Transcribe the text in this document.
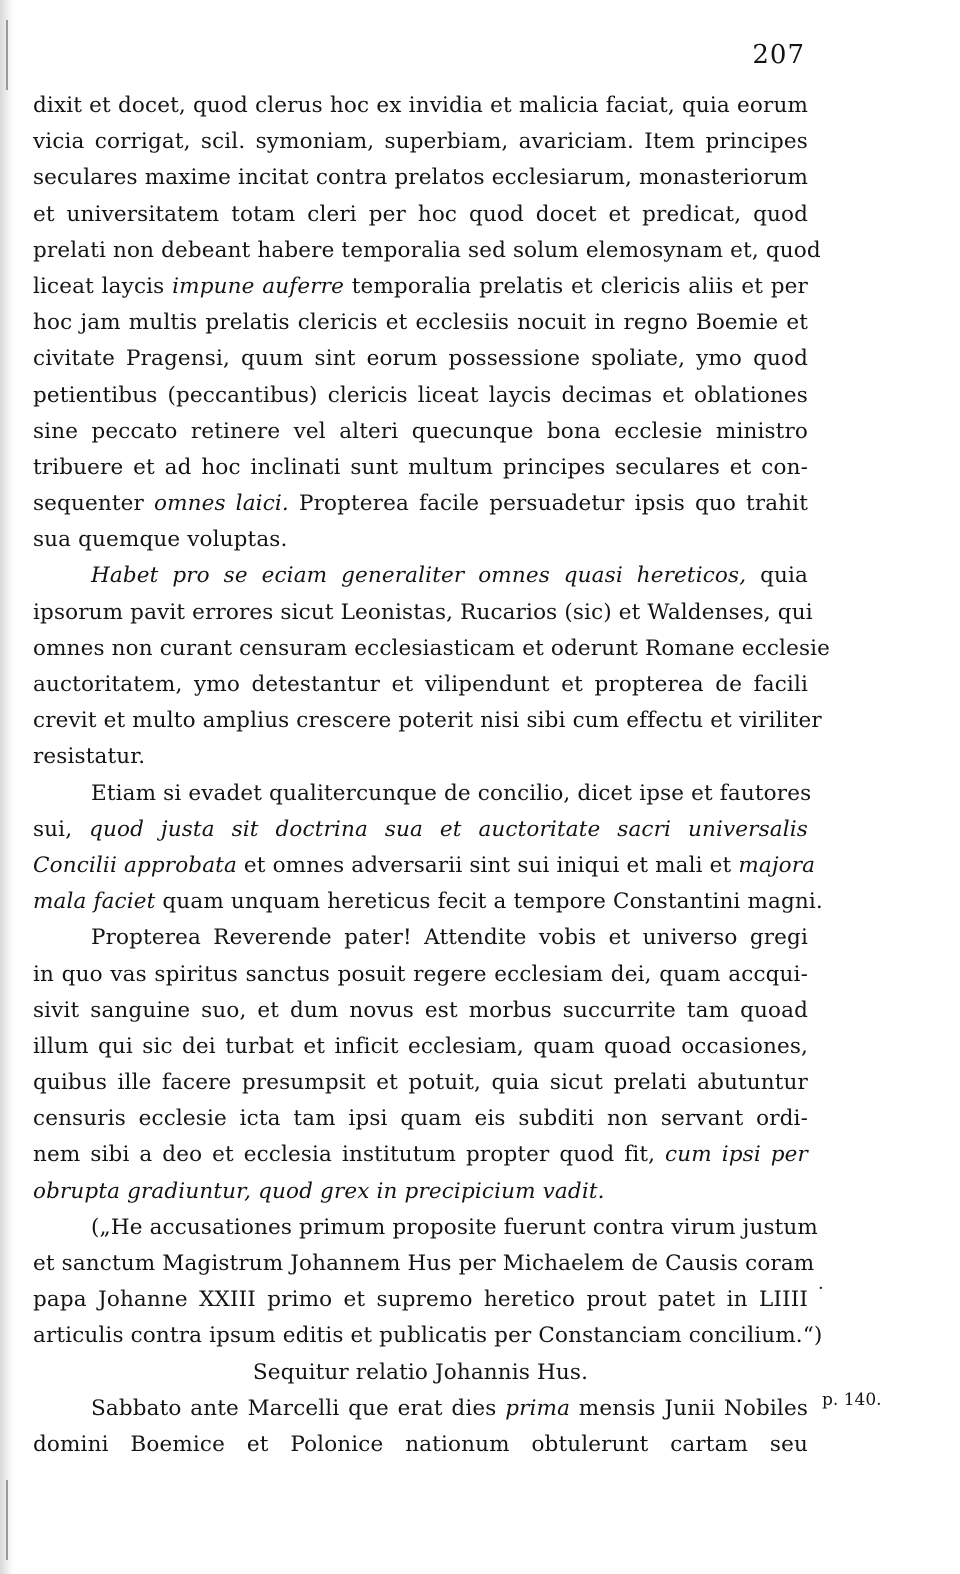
207
dixit et docet, quod clerus hoc ex invidia et malicia faciat, quia eorum
vicia corrigat, scil. symoniam, superbiam, avariciam. Item principes
seculares maxime incitat contra prelatos ecclesiarum, monasteriorum
et universitatem totam cleri per hoc quod docet et predicat, quod
prelati non debeant habere temporalia sed solum elemosynam et, quod
liceat laycis impune auferre temporalia prelatis et clericis aliis et per
hoc jam multis prelatis clericis et ecclesiis nocuit in regno Boemie et
civitate Pragensi, quum sint eorum possessione spoliate, ymo quod
petientibus (peccantibus) clericis liceat laycis decimas et oblationes
sine peccato retinere vel alteri quecunque bona ecclesie ministro
tribuere et ad hoc inclinati sunt multum principes seculares et con-
sequenter omnes laici. Propterea facile persuadetur ipsis quo trahit
sua quemque voluptas.
Habet pro se eciam generaliter omnes quasi hereticos, quia
ipsorum pavit errores sicut Leonistas, Rucarios (sic) et Waldenses, qui
omnes non curant censuram ecclesiasticam et oderunt Romane ecclesie
auctoritatem, ymo detestantur et vilipendunt et propterea de facili
crevit et multo amplius crescere poterit nisi sibi cum effectu et viriliter
resistatur.
Etiam si evadet qualitercunque de concilio, dicet ipse et fautores
sui, quod justa sit doctrina sua et auctoritate sacri universalis
Concilii approbata et omnes adversarii sint sui iniqui et mali et majora
mala faciet quam unquam hereticus fecit a tempore Constantini magni.
Propterea Reverende pater! Attendite vobis et universo gregi
in quo vas spiritus sanctus posuit regere ecclesiam dei, quam accqui-
sivit sanguine suo, et dum novus est morbus succurrite tam quoad
illum qui sic dei turbat et inficit ecclesiam, quam quoad occasiones,
quibus ille facere presumpsit et potuit, quia sicut prelati abutuntur
censuris ecclesie icta tam ipsi quam eis subditi non servant ordi-
nem sibi a deo et ecclesia institutum propter quod fit, cum ipsi per
obrupta gradiuntur, quod grex in precipicium vadit.
(„He accusationes primum proposite fuerunt contra virum justum
et sanctum Magistrum Johannem Hus per Michaelem de Causis coram
papa Johanne XXIII primo et supremo heretico prout patet in LIIII
articulis contra ipsum editis et publicatis per Constanciam concilium.“)
Sequitur relatio Johannis Hus.
Sabbato ante Marcelli que erat dies prima mensis Junii Nobiles
domini Boemice et Polonice nationum obtulerunt cartam seu
·
p. 140.
